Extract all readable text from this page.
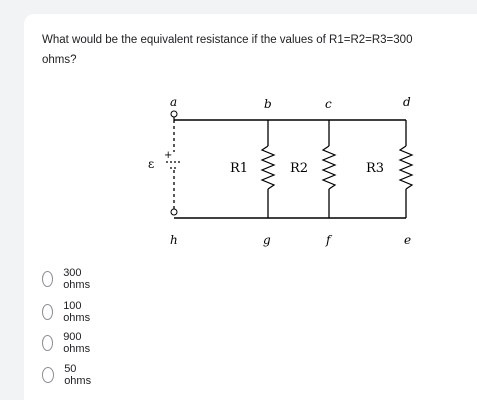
What would be the equivalent resistance if the values of R1=R2=R3=300
ohms?

a	b	c	d
h	g	f	e
+
ε	R1	R2	R3
300 ohms
100 ohms
900 ohms
50 ohms
